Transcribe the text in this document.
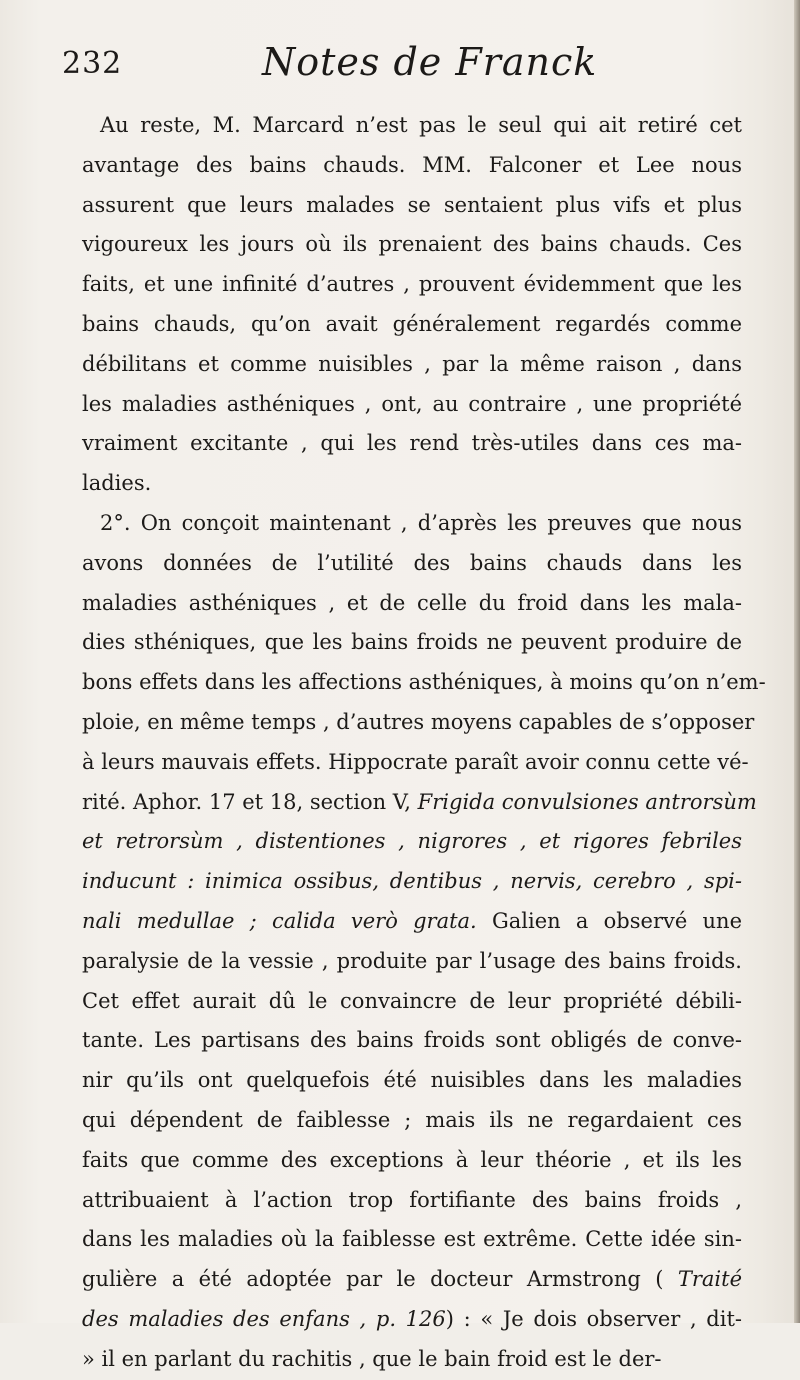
232	Notes de Franck
Au reste, M. Marcard n’est pas le seul qui ait retiré cet
avantage des bains chauds. MM. Falconer et Lee nous
assurent que leurs malades se sentaient plus vifs et plus
vigoureux les jours où ils prenaient des bains chauds. Ces
faits, et une infinité d’autres , prouvent évidemment que les
bains chauds, qu’on avait généralement regardés comme
débilitans et comme nuisibles , par la même raison , dans
les maladies asthéniques , ont, au contraire , une propriété
vraiment excitante , qui les rend très-utiles dans ces ma-
ladies.
2°. On conçoit maintenant , d’après les preuves que nous
avons données de l’utilité des bains chauds dans les
maladies asthéniques , et de celle du froid dans les mala-
dies sthéniques, que les bains froids ne peuvent produire de
bons effets dans les affections asthéniques, à moins qu’on n’em-
ploie, en même temps , d’autres moyens capables de s’opposer
à leurs mauvais effets. Hippocrate paraît avoir connu cette vé-
rité. Aphor. 17 et 18, section V, Frigida convulsiones antrorsùm
et retrorsùm , distentiones , nigrores , et rigores febriles
inducunt : inimica ossibus, dentibus , nervis, cerebro , spi-
nali medullae ; calida verò grata. Galien a observé une
paralysie de la vessie , produite par l’usage des bains froids.
Cet effet aurait dû le convaincre de leur propriété débili-
tante. Les partisans des bains froids sont obligés de conve-
nir qu’ils ont quelquefois été nuisibles dans les maladies
qui dépendent de faiblesse ; mais ils ne regardaient ces
faits que comme des exceptions à leur théorie , et ils les
attribuaient à l’action trop fortifiante des bains froids ,
dans les maladies où la faiblesse est extrême. Cette idée sin-
gulière a été adoptée par le docteur Armstrong ( Traité
des maladies des enfans , p. 126) : « Je dois observer , dit-
» il en parlant du rachitis , que le bain froid est le der-
